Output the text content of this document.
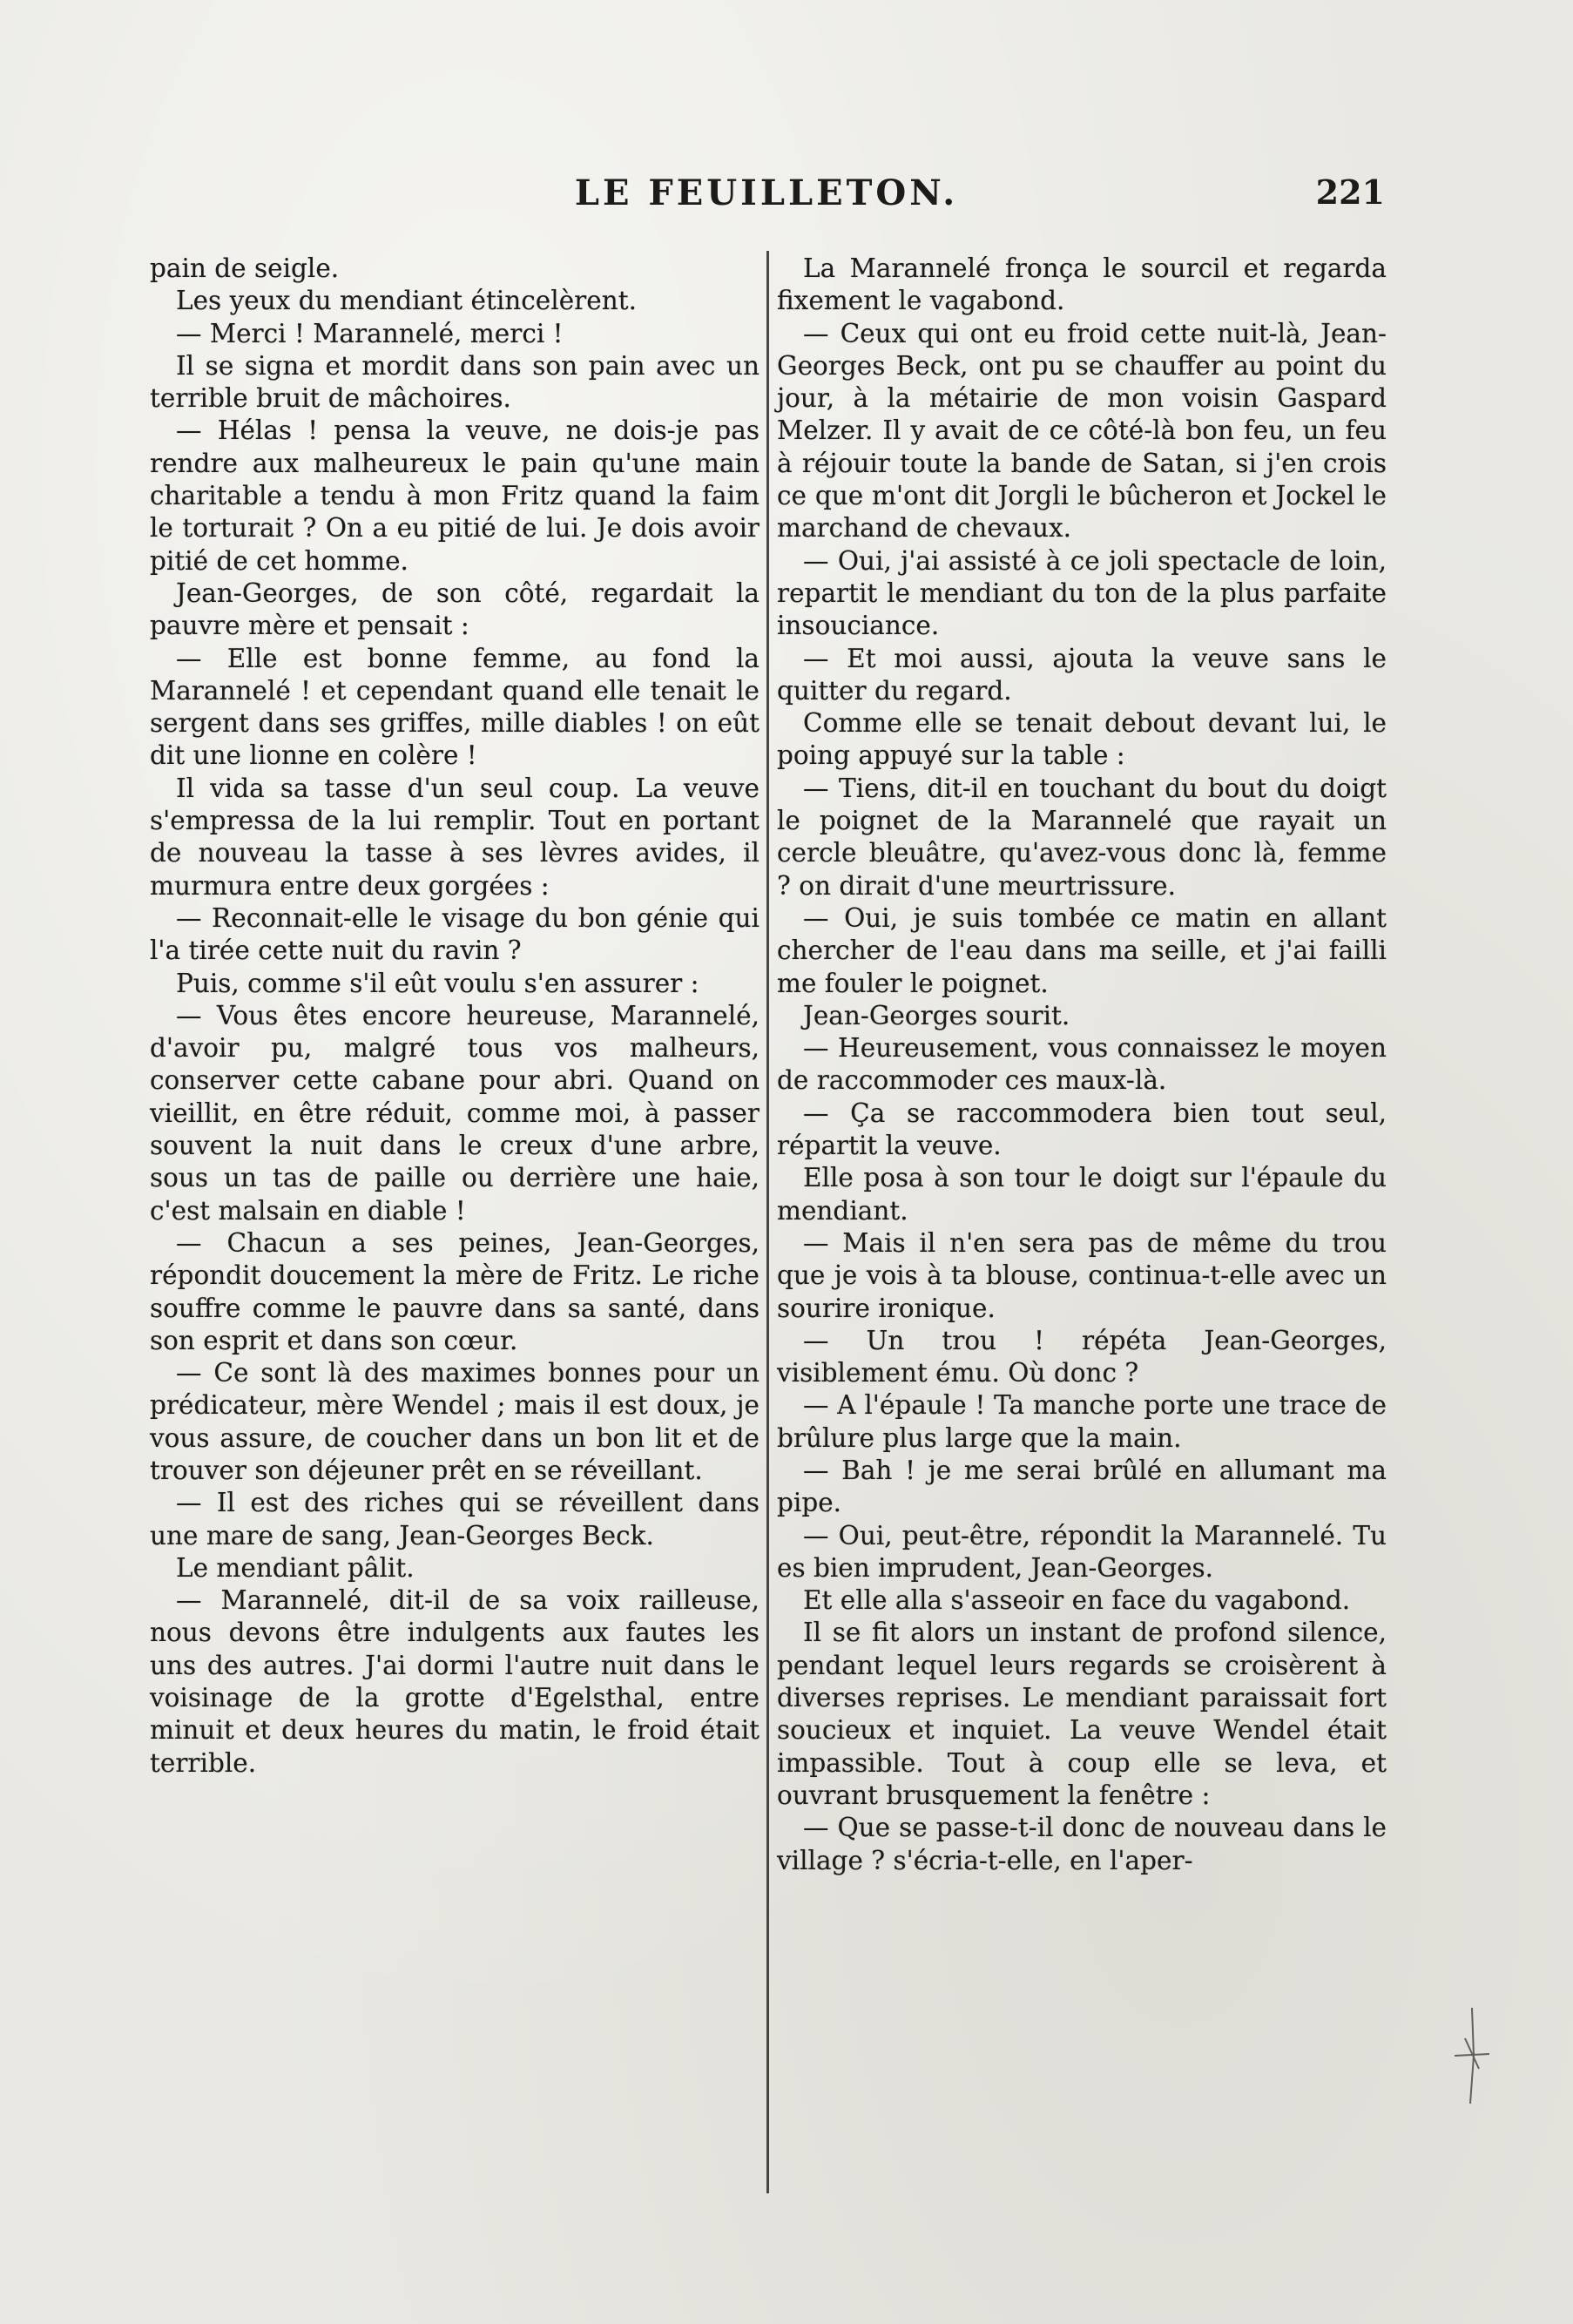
LE FEUILLETON.	221

pain de seigle.

Les yeux du mendiant étincelèrent.

— Merci ! Marannelé, merci !

Il se signa et mordit dans son pain avec un terrible bruit de mâchoires.

— Hélas ! pensa la veuve, ne dois-je pas rendre aux malheureux le pain qu'une main charitable a tendu à mon Fritz quand la faim le torturait ? On a eu pitié de lui. Je dois avoir pitié de cet homme.

Jean-Georges, de son côté, regardait la pauvre mère et pensait :

— Elle est bonne femme, au fond la Marannelé ! et cependant quand elle tenait le sergent dans ses griffes, mille diables ! on eût dit une lionne en colère !

Il vida sa tasse d'un seul coup. La veuve s'empressa de la lui remplir. Tout en portant de nouveau la tasse à ses lèvres avides, il murmura entre deux gorgées :

— Reconnait-elle le visage du bon génie qui l'a tirée cette nuit du ravin ?

Puis, comme s'il eût voulu s'en assurer :

— Vous êtes encore heureuse, Marannelé, d'avoir pu, malgré tous vos malheurs, conserver cette cabane pour abri. Quand on vieillit, en être réduit, comme moi, à passer souvent la nuit dans le creux d'une arbre, sous un tas de paille ou derrière une haie, c'est malsain en diable !

— Chacun a ses peines, Jean-Georges, répondit doucement la mère de Fritz. Le riche souffre comme le pauvre dans sa santé, dans son esprit et dans son cœur.

— Ce sont là des maximes bonnes pour un prédicateur, mère Wendel ; mais il est doux, je vous assure, de coucher dans un bon lit et de trouver son déjeuner prêt en se réveillant.

— Il est des riches qui se réveillent dans une mare de sang, Jean-Georges Beck.

Le mendiant pâlit.

— Marannelé, dit-il de sa voix railleuse, nous devons être indulgents aux fautes les uns des autres. J'ai dormi l'autre nuit dans le voisinage de la grotte d'Egelsthal, entre minuit et deux heures du matin, le froid était terrible.

La Marannelé fronça le sourcil et regarda fixement le vagabond.

— Ceux qui ont eu froid cette nuit-là, Jean-Georges Beck, ont pu se chauffer au point du jour, à la métairie de mon voisin Gaspard Melzer. Il y avait de ce côté-là bon feu, un feu à réjouir toute la bande de Satan, si j'en crois ce que m'ont dit Jorgli le bûcheron et Jockel le marchand de chevaux.

— Oui, j'ai assisté à ce joli spectacle de loin, repartit le mendiant du ton de la plus parfaite insouciance.

— Et moi aussi, ajouta la veuve sans le quitter du regard.

Comme elle se tenait debout devant lui, le poing appuyé sur la table :

— Tiens, dit-il en touchant du bout du doigt le poignet de la Marannelé que rayait un cercle bleuâtre, qu'avez-vous donc là, femme ? on dirait d'une meurtrissure.

— Oui, je suis tombée ce matin en allant chercher de l'eau dans ma seille, et j'ai failli me fouler le poignet.

Jean-Georges sourit.

— Heureusement, vous connaissez le moyen de raccommoder ces maux-là.

— Ça se raccommodera bien tout seul, répartit la veuve.

Elle posa à son tour le doigt sur l'épaule du mendiant.

— Mais il n'en sera pas de même du trou que je vois à ta blouse, continua-t-elle avec un sourire ironique.

— Un trou ! répéta Jean-Georges, visiblement ému. Où donc ?

— A l'épaule ! Ta manche porte une trace de brûlure plus large que la main.

— Bah ! je me serai brûlé en allumant ma pipe.

— Oui, peut-être, répondit la Marannelé. Tu es bien imprudent, Jean-Georges.

Et elle alla s'asseoir en face du vagabond.

Il se fit alors un instant de profond silence, pendant lequel leurs regards se croisèrent à diverses reprises. Le mendiant paraissait fort soucieux et inquiet. La veuve Wendel était impassible. Tout à coup elle se leva, et ouvrant brusquement la fenêtre :

— Que se passe-t-il donc de nouveau dans le village ? s'écria-t-elle, en l'aper-
